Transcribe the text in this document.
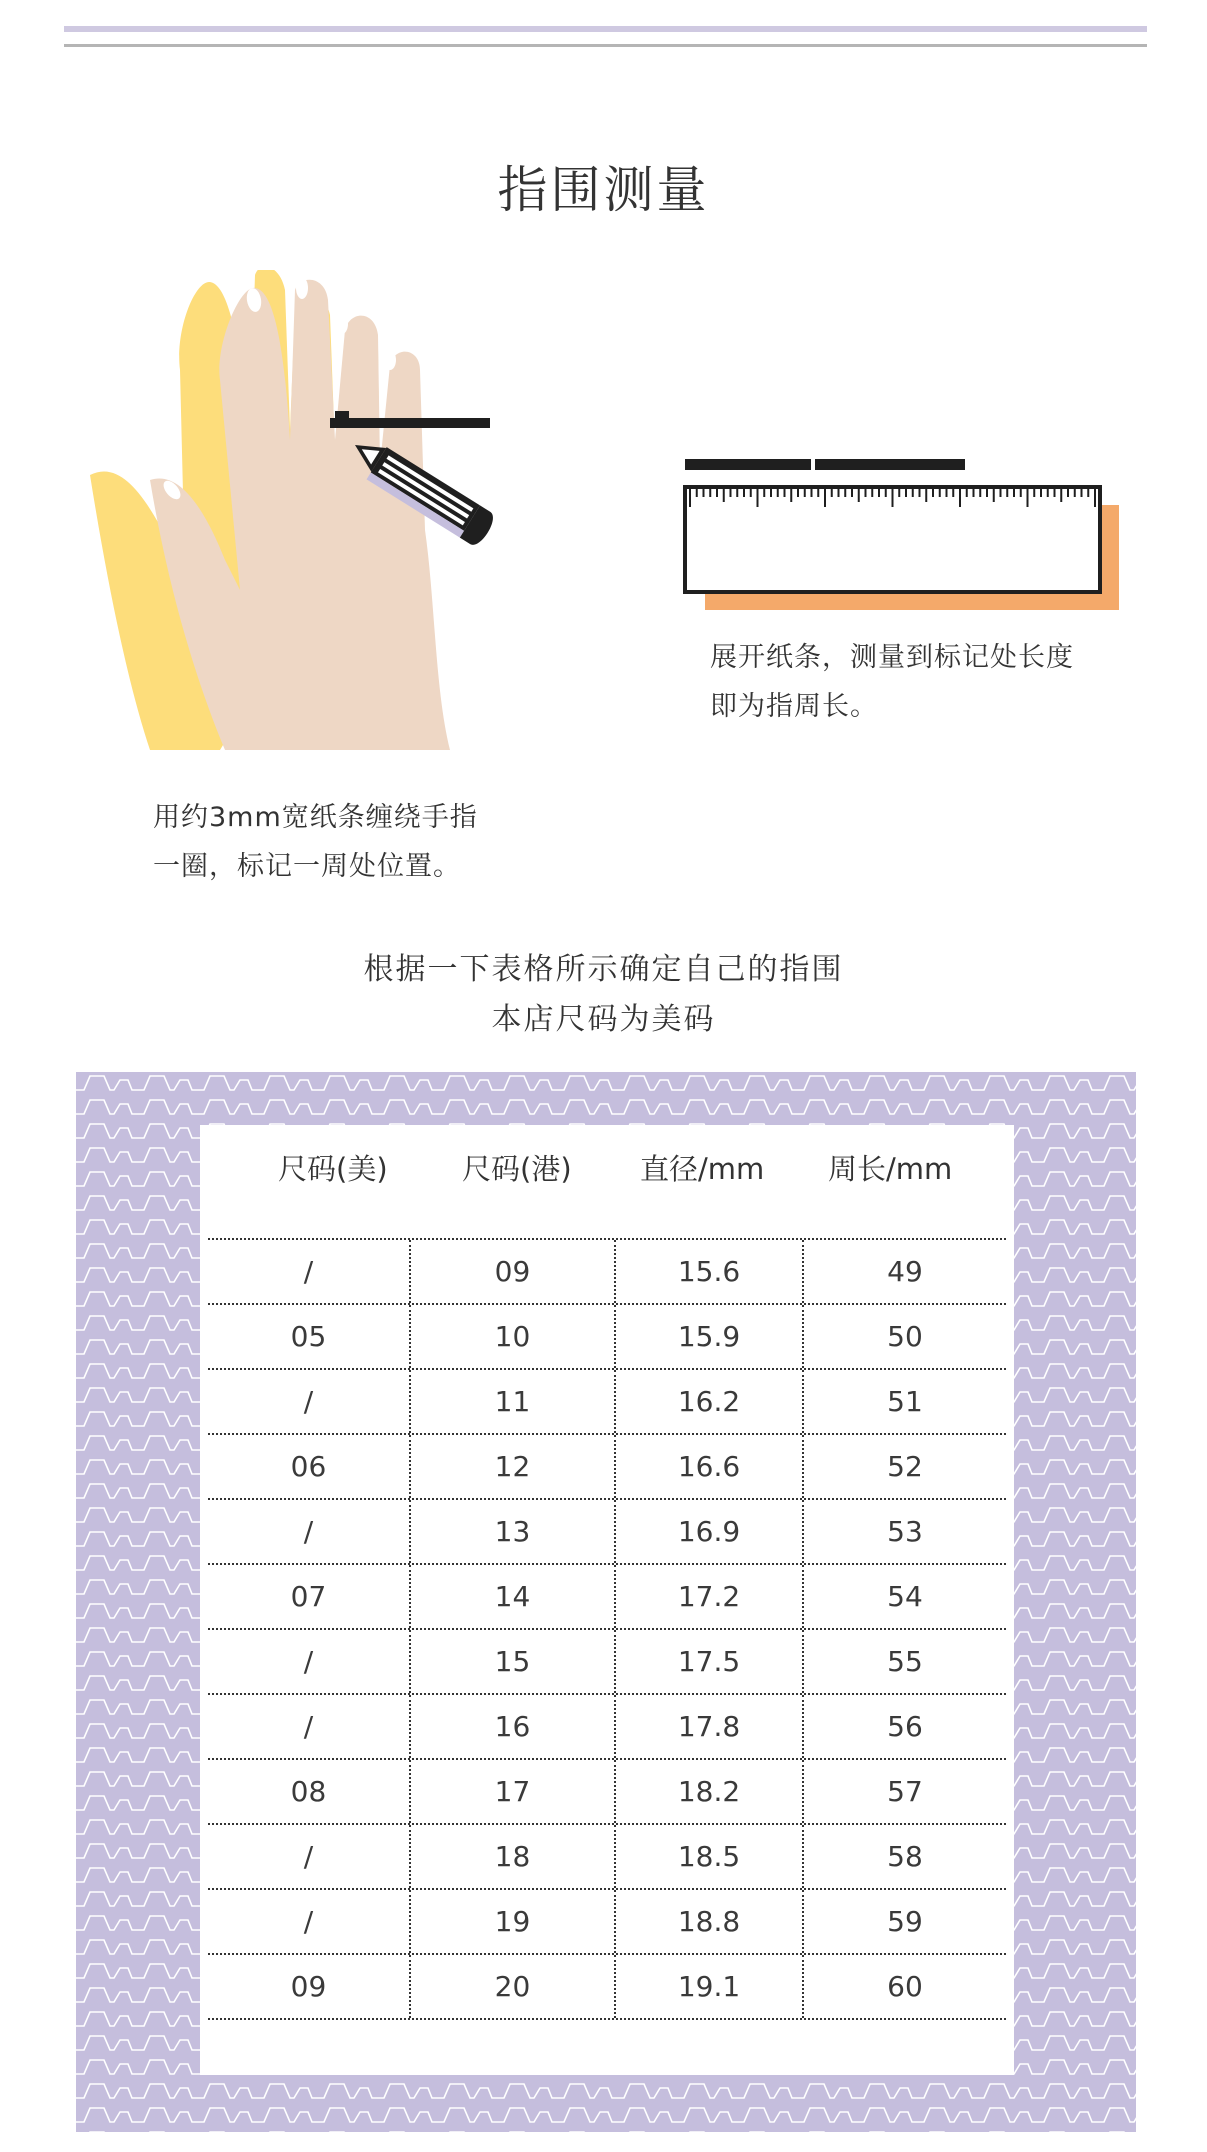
指围测量
展开纸条，测量到标记处长度
即为指周长。
用约3mm宽纸条缠绕手指
一圈，标记一周处位置。
根据一下表格所示确定自己的指围
本店尺码为美码
尺码(美)	尺码(港) 直径/mm 周长/mm
/	09	15.6	49
05	10	15.9	50
/	11	16.2	51
06	12	16.6	52
/	13	16.9	53
07	14	17.2	54
/	15	17.5	55
/	16	17.8	56
08	17	18.2	57
/	18	18.5	58
/	19	18.8	59
09	20	19.1	60
